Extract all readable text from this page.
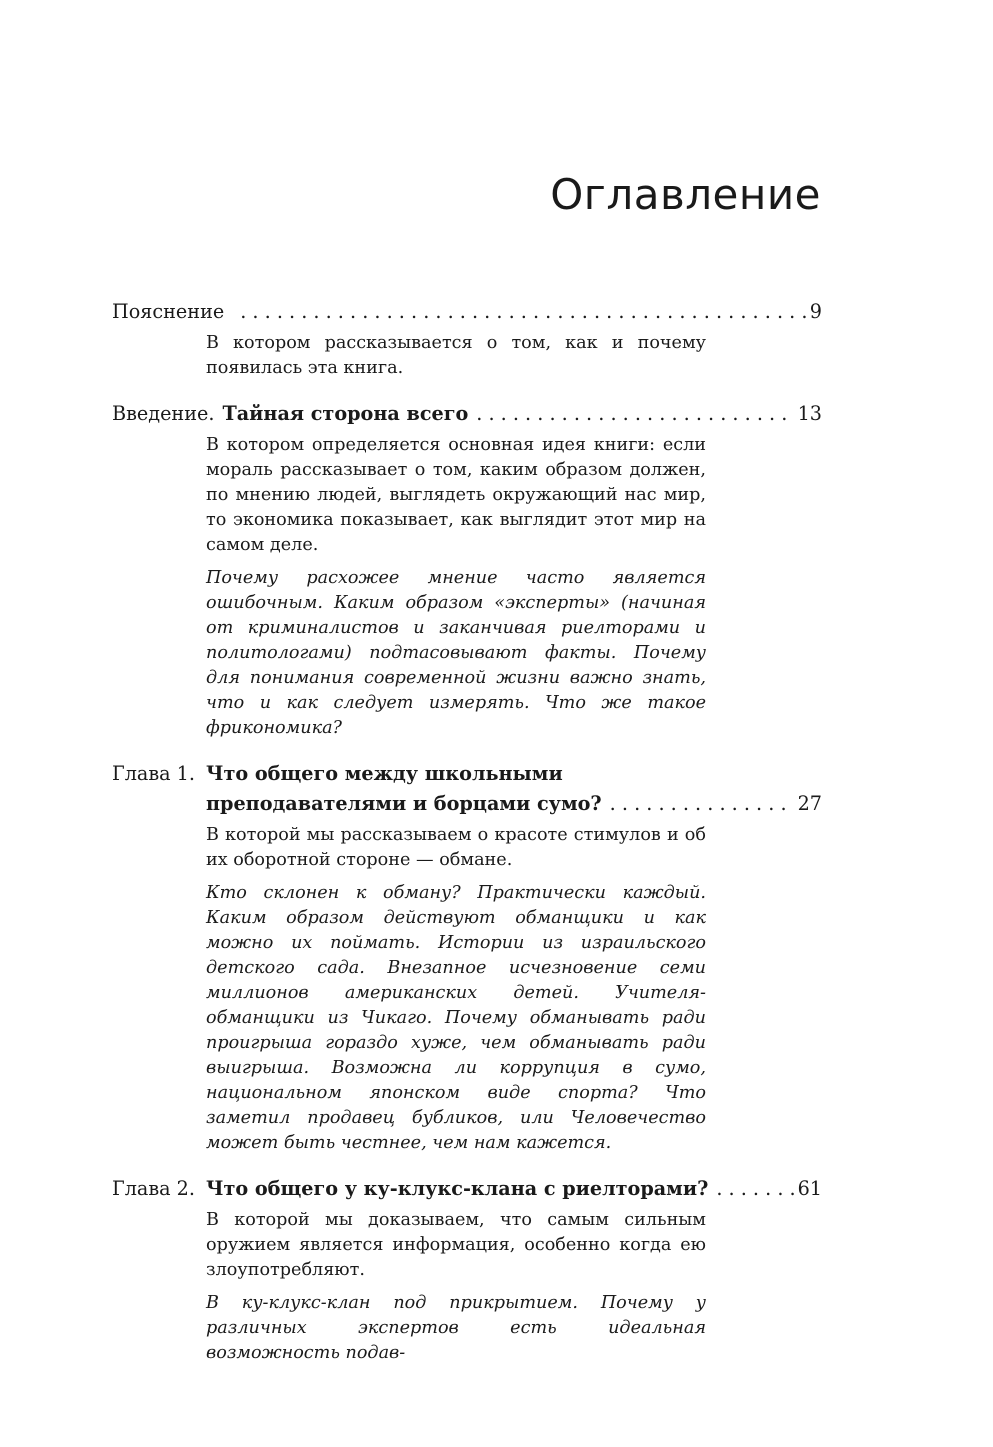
Оглавление
Пояснение . . .	9
В котором рассказывается о том, как и почему появилась эта книга.
Введение. Тайная сторона всего . . .	13
В котором определяется основная идея книги: если мораль рассказывает о том, каким образом должен, по мнению людей, выглядеть окружающий нас мир, то экономика показывает, как выглядит этот мир на самом деле.
Почему расхожее мнение часто является ошибочным. Каким образом «эксперты» (начиная от криминалистов и заканчивая риелторами и политологами) подтасовывают факты. Почему для понимания современной жизни важно знать, что и как следует измерять. Что же такое фрикономика?
Глава 1. Что общего между школьными
преподавателями и борцами сумо? . . .	27
В которой мы рассказываем о красоте стимулов и об их оборотной стороне — обмане.
Кто склонен к обману? Практически каждый. Каким образом действуют обманщики и как можно их поймать. Истории из израильского детского сада. Внезапное исчезновение семи миллионов американских детей. Учителя-обманщики из Чикаго. Почему обманывать ради проигрыша гораздо хуже, чем обманывать ради выигрыша. Возможна ли коррупция в сумо, национальном японском виде спорта? Что заметил продавец бубликов, или Человечество может быть честнее, чем нам кажется.
Глава 2. Что общего у ку-клукс-клана с риелторами? . . .	61
В которой мы доказываем, что самым сильным оружием является информация, особенно когда ею злоупотребляют.
В ку-клукс-клан под прикрытием. Почему у различных экспертов есть идеальная возможность подав-
